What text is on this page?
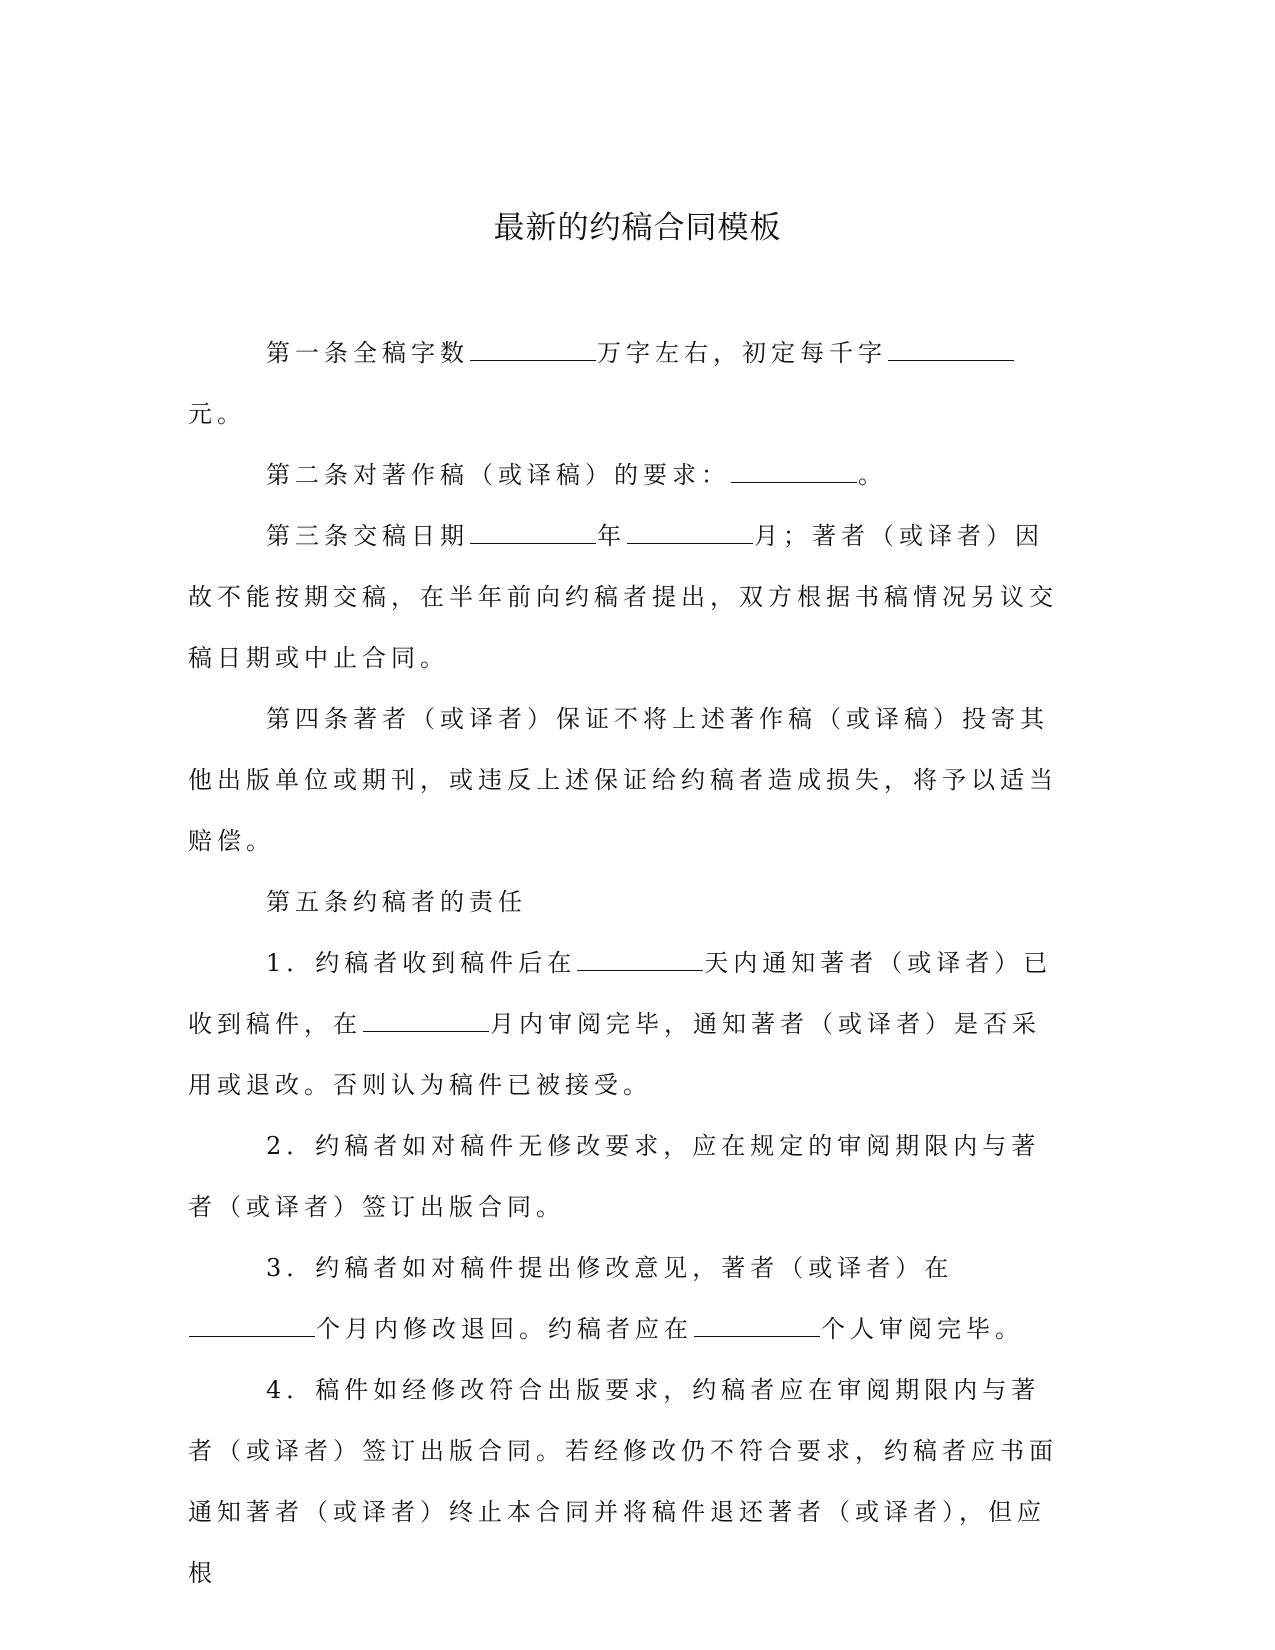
最新的约稿合同模板

第一条全稿字数	万字左右，初定每千字元。

第二条对著作稿（或译稿）的要求：	。

第三条交稿日期	年	月；著者（或译者）因故不能按期交稿，在半年前向约稿者提出，双方根据书稿情况另议交稿日期或中止合同。

第四条著者（或译者）保证不将上述著作稿（或译稿）投寄其他出版单位或期刊，或违反上述保证给约稿者造成损失，将予以适当赔偿。

第五条约稿者的责任

1．约稿者收到稿件后在	天内通知著者（或译者）已收到稿件，在	月内审阅完毕，通知著者（或译者）是否采用或退改。否则认为稿件已被接受。

2．约稿者如对稿件无修改要求，应在规定的审阅期限内与著者（或译者）签订出版合同。

3．约稿者如对稿件提出修改意见，著者（或译者）在个月内修改退回。约稿者应在	个人审阅完毕。

4．稿件如经修改符合出版要求，约稿者应在审阅期限内与著者（或译者）签订出版合同。若经修改仍不符合要求，约稿者应书面通知著者（或译者）终止本合同并将稿件退还著者（或译者），但应根
